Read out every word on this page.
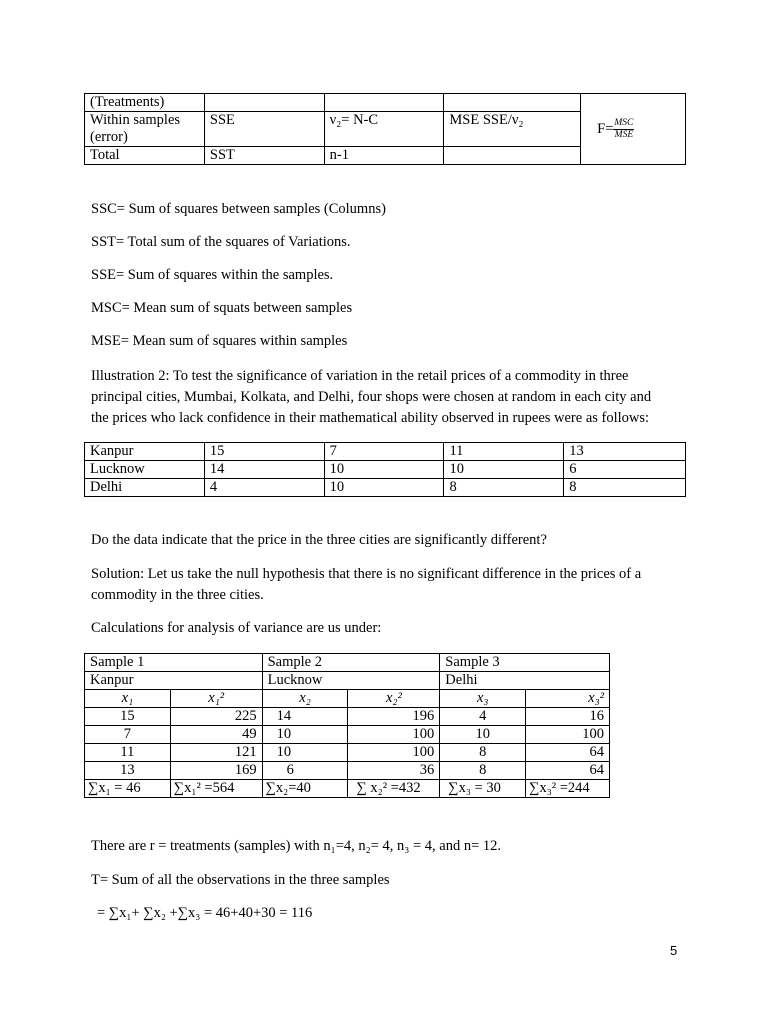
(Treatments)				$F= \frac{\text{MSC}}{\text{MSE}}$

Within samples (error)	SSE	ν₂= N-C	MSE SSE/ν₂	
Total	SST	n-1		
SSC= Sum of squares between samples (Columns)
SST= Total sum of the squares of Variations.
SSE= Sum of squares within the samples.
MSC= Mean sum of squats between samples
MSE= Mean sum of squares within samples
Illustration 2: To test the significance of variation in the retail prices of a commodity in three
principal cities, Mumbai, Kolkata, and Delhi, four shops were chosen at random in each city and
the prices who lack confidence in their mathematical ability observed in rupees were as follows:
Kanpur	15	7	11	13
Lucknow	14	10	10	6
Delhi	4	10	8	8
Do the data indicate that the price in the three cities are significantly different?
Solution: Let us take the null hypothesis that there is no significant difference in the prices of a
commodity in the three cities.
Calculations for analysis of variance are us under:
Sample 1		Sample 2		Sample 3	
Kanpur		Lucknow		Delhi	
x₁	x₁²	x₂	x₂²	x₃	x₃²
15	225	14	196	4	16
7	49	10	100	10	100
11	121	10	100	8	64
13	169	6	36	8	64
∑x₁ = 46	∑x₁² =564	∑x₂=40	∑ x₂² =432	∑x₃ = 30	∑x₃² =244
There are r = treatments (samples) with n₁=4, n₂= 4, n₃ = 4, and n= 12.
T= Sum of all the observations in the three samples
= ∑x₁+ ∑x₂ +∑x₃ = 46+40+30 = 116
5
